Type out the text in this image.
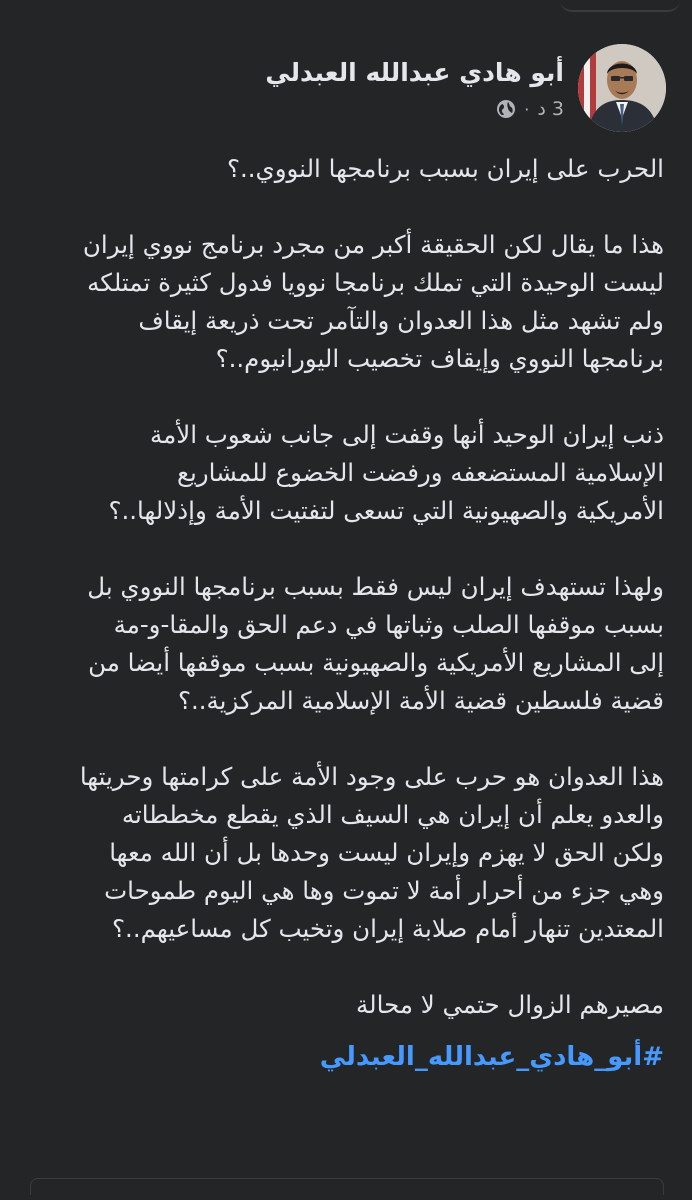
أبو هادي عبدالله العبدلي
3 د
·

الحرب على إيران بسبب برنامجها النووي..؟

هذا ما يقال لكن الحقيقة أكبر من مجرد برنامج نووي إيران
ليست الوحيدة التي تملك برنامجا نوويا فدول كثيرة تمتلكه
ولم تشهد مثل هذا العدوان والتآمر تحت ذريعة إيقاف
برنامجها النووي وإيقاف تخصيب اليورانيوم..؟

ذنب إيران الوحيد أنها وقفت إلى جانب شعوب الأمة
الإسلامية المستضعفه ورفضت الخضوع للمشاريع
الأمريكية والصهيونية التي تسعى لتفتيت الأمة وإذلالها..؟

ولهذا تستهدف إيران ليس فقط بسبب برنامجها النووي بل
بسبب موقفها الصلب وثباتها في دعم الحق والمقا-و-مة
إلى المشاريع الأمريكية والصهيونية بسبب موقفها أيضا من
قضية فلسطين قضية الأمة الإسلامية المركزية..؟

هذا العدوان هو حرب على وجود الأمة على كرامتها وحريتها
والعدو يعلم أن إيران هي السيف الذي يقطع مخططاته
ولكن الحق لا يهزم وإيران ليست وحدها بل أن الله معها
وهي جزء من أحرار أمة لا تموت وها هي اليوم طموحات
المعتدين تنهار أمام صلابة إيران وتخيب كل مساعيهم..؟

مصيرهم الزوال حتمي لا محالة

#أبو_هادي_عبدالله_العبدلي
